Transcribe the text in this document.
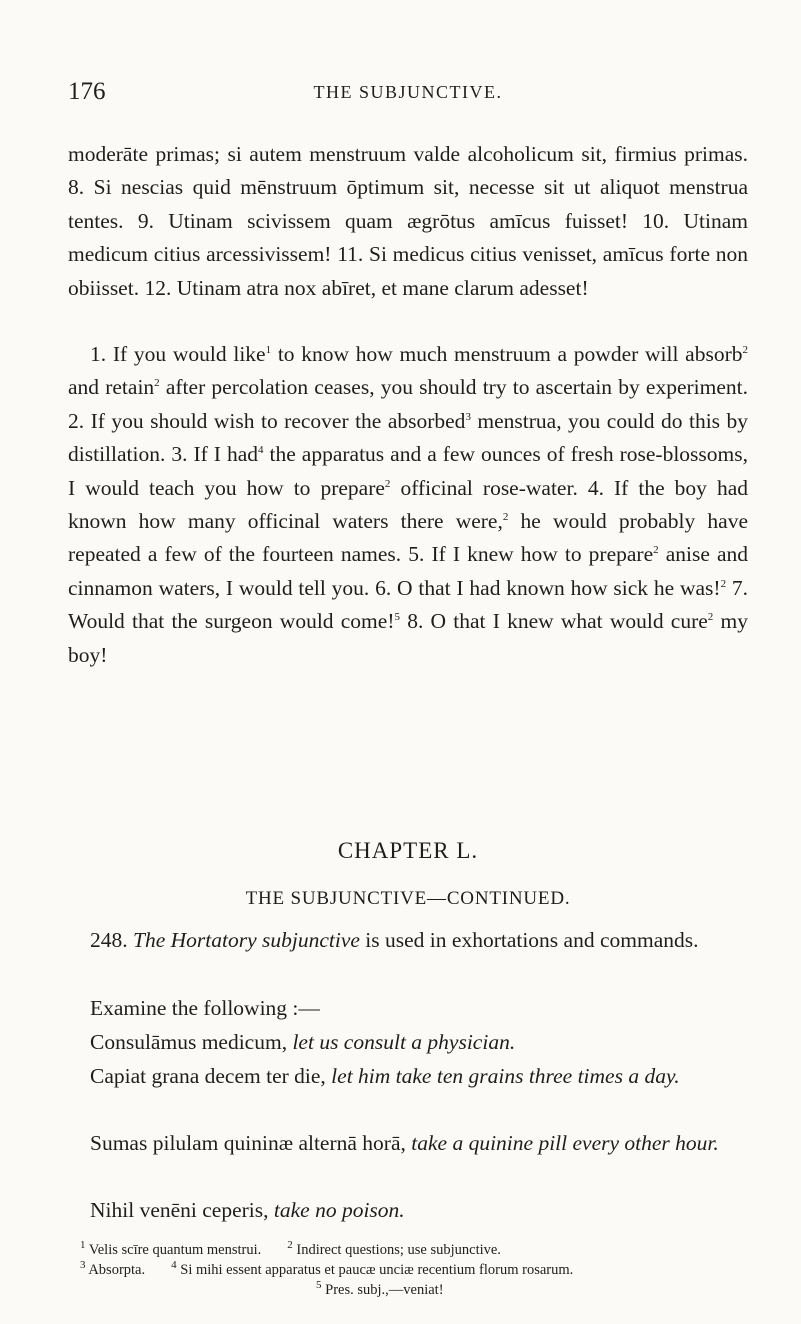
176	THE SUBJUNCTIVE.

moderāte primas; si autem menstruum valde alcoholicum sit, firmius primas. 8. Si nescias quid mēnstruum ōptimum sit, necesse sit ut aliquot menstrua tentes. 9. Utinam scivissem quam ægrōtus amīcus fuisset! 10. Utinam medicum citius arcessivissem! 11. Si medicus citius venisset, amīcus forte non obiisset. 12. Utinam atra nox abīret, et mane clarum adesset!

1. If you would like$^1$ to know how much menstruum a powder will absorb$^2$ and retain$^2$ after percolation ceases, you should try to ascertain by experiment. 2. If you should wish to recover the absorbed$^3$ menstrua, you could do this by distillation. 3. If I had$^4$ the apparatus and a few ounces of fresh rose-blossoms, I would teach you how to prepare$^2$ officinal rose-water. 4. If the boy had known how many officinal waters there were,$^2$ he would probably have repeated a few of the fourteen names. 5. If I knew how to prepare$^2$ anise and cinnamon waters, I would tell you. 6. O that I had known how sick he was!$^2$ 7. Would that the surgeon would come!$^5$ 8. O that I knew what would cure$^2$ my boy!

CHAPTER L.
THE SUBJUNCTIVE—CONTINUED.

248. The Hortatory subjunctive is used in exhortations and commands.

Examine the following :—

Consulāmus medicum, let us consult a physician.

Capiat grana decem ter die, let him take ten grains three times a day.

Sumas pilulam quininæ alternā horā, take a quinine pill every other hour.

Nihil venēni ceperis, take no poison.

$^1$ Velis scīre quantum menstrui. $^2$ Indirect questions; use subjunctive.
$^3$ Absorpta. $^4$ Si mihi essent apparatus et paucæ unciæ recentium florum rosarum.
$^5$ Pres. subj.,—veniat!
